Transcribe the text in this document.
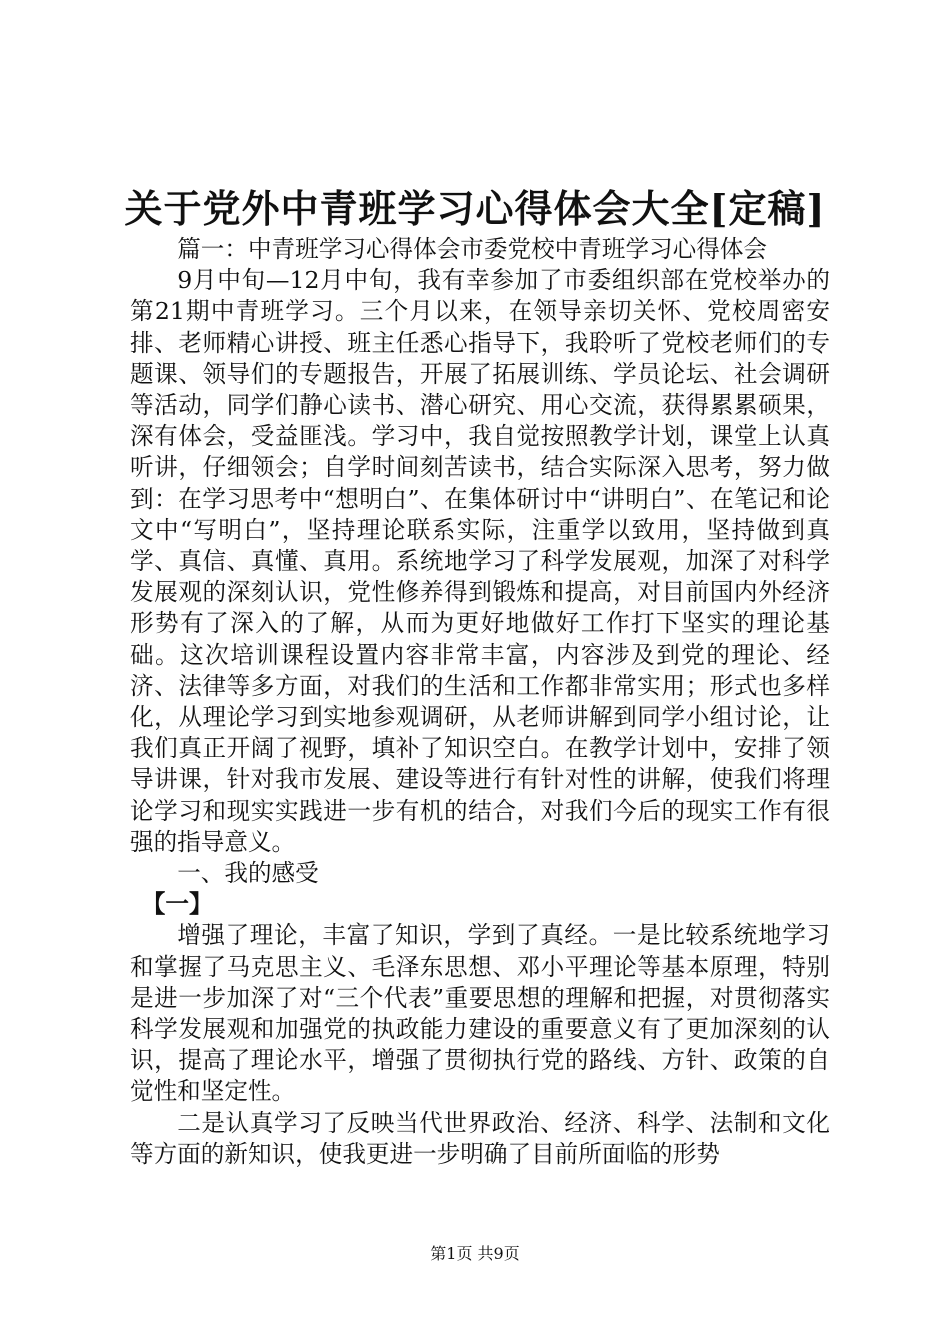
关于党外中青班学习心得体会大全[定稿]

篇一：中青班学习心得体会市委党校中青班学习心得体会

9月中旬—12月中旬，我有幸参加了市委组织部在党校举办的第21期中青班学习。三个月以来，在领导亲切关怀、党校周密安排、老师精心讲授、班主任悉心指导下，我聆听了党校老师们的专题课、领导们的专题报告，开展了拓展训练、学员论坛、社会调研等活动，同学们静心读书、潜心研究、用心交流，获得累累硕果，深有体会，受益匪浅。学习中，我自觉按照教学计划，课堂上认真听讲，仔细领会；自学时间刻苦读书，结合实际深入思考，努力做到：在学习思考中“想明白”、在集体研讨中“讲明白”、在笔记和论文中“写明白”，坚持理论联系实际，注重学以致用，坚持做到真学、真信、真懂、真用。系统地学习了科学发展观，加深了对科学发展观的深刻认识，党性修养得到锻炼和提高，对目前国内外经济形势有了深入的了解，从而为更好地做好工作打下坚实的理论基础。这次培训课程设置内容非常丰富，内容涉及到党的理论、经济、法律等多方面，对我们的生活和工作都非常实用；形式也多样化，从理论学习到实地参观调研，从老师讲解到同学小组讨论，让我们真正开阔了视野，填补了知识空白。在教学计划中，安排了领导讲课，针对我市发展、建设等进行有针对性的讲解，使我们将理论学习和现实实践进一步有机的结合，对我们今后的现实工作有很强的指导意义。

一、我的感受

【一】

增强了理论，丰富了知识，学到了真经。一是比较系统地学习和掌握了马克思主义、毛泽东思想、邓小平理论等基本原理，特别是进一步加深了对“三个代表”重要思想的理解和把握，对贯彻落实科学发展观和加强党的执政能力建设的重要意义有了更加深刻的认识，提高了理论水平，增强了贯彻执行党的路线、方针、政策的自觉性和坚定性。

二是认真学习了反映当代世界政治、经济、科学、法制和文化等方面的新知识，使我更进一步明确了目前所面临的形势

第1页 共9页
